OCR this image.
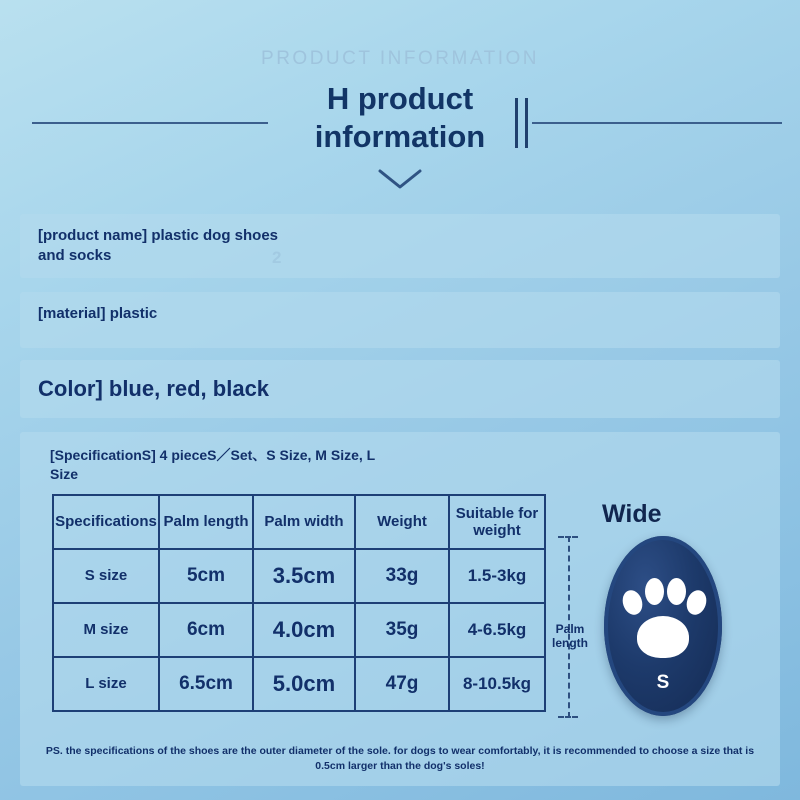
PRODUCT INFORMATION
H product information
[product name] plastic dog shoes and socks	2
[material] plastic
Color] blue, red, black
[SpecificationS] 4 pieceS／Set、S Size, M Size, L Size
Specifications	Palm length	Palm width	Weight	Suitable for weight
S size	5cm	3.5cm	33g	1.5-3kg
M size	6cm	4.0cm	35g	4-6.5kg
L size	6.5cm	5.0cm	47g	8-10.5kg
Wide
Palm length
S
PS. the specifications of the shoes are the outer diameter of the sole. for dogs to wear comfortably, it is recommended to choose a size that is 0.5cm larger than the dog's soles!
